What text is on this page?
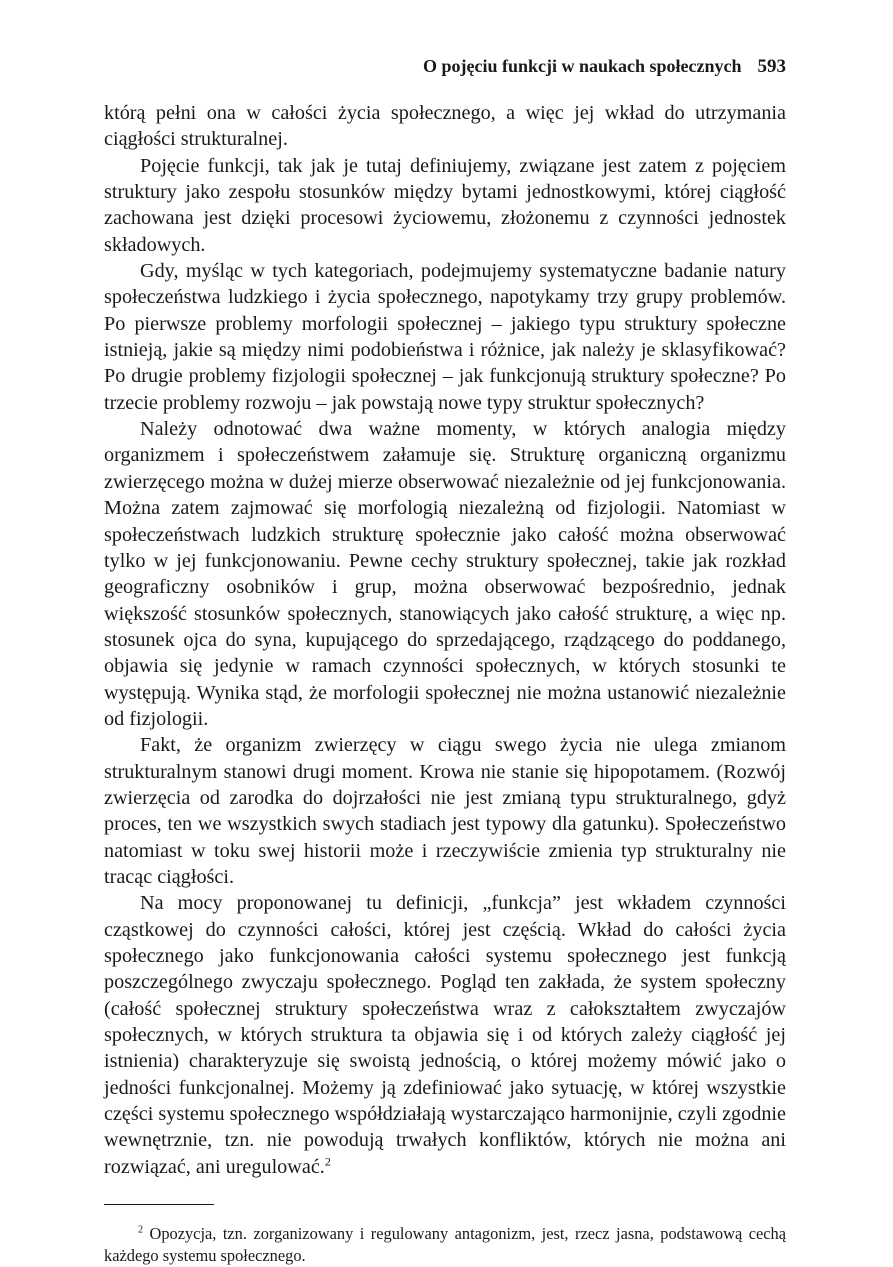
O pojęciu funkcji w naukach społecznych 593

którą pełni ona w całości życia społecznego, a więc jej wkład do utrzymania ciągłości strukturalnej.

Pojęcie funkcji, tak jak je tutaj definiujemy, związane jest zatem z pojęciem struktury jako zespołu stosunków między bytami jednostkowymi, której ciągłość zachowana jest dzięki procesowi życiowemu, złożonemu z czynności jednostek składowych.

Gdy, myśląc w tych kategoriach, podejmujemy systematyczne badanie natury społeczeństwa ludzkiego i życia społecznego, napotykamy trzy grupy problemów. Po pierwsze problemy morfologii społecznej – jakiego typu struktury społeczne istnieją, jakie są między nimi podobieństwa i różnice, jak należy je sklasyfikować? Po drugie problemy fizjologii społecznej – jak funkcjonują struktury społeczne? Po trzecie problemy rozwoju – jak powstają nowe typy struktur społecznych?

Należy odnotować dwa ważne momenty, w których analogia między organizmem i społeczeństwem załamuje się. Strukturę organiczną organizmu zwierzęcego można w dużej mierze obserwować niezależnie od jej funkcjonowania. Można zatem zajmować się morfologią niezależną od fizjologii. Natomiast w społeczeństwach ludzkich strukturę społecznie jako całość można obserwować tylko w jej funkcjonowaniu. Pewne cechy struktury społecznej, takie jak rozkład geograficzny osobników i grup, można obserwować bezpośrednio, jednak większość stosunków społecznych, stanowiących jako całość strukturę, a więc np. stosunek ojca do syna, kupującego do sprzedającego, rządzącego do poddanego, objawia się jedynie w ramach czynności społecznych, w których stosunki te występują. Wynika stąd, że morfologii społecznej nie można ustanowić niezależnie od fizjologii.

Fakt, że organizm zwierzęcy w ciągu swego życia nie ulega zmianom strukturalnym stanowi drugi moment. Krowa nie stanie się hipopotamem. (Rozwój zwierzęcia od zarodka do dojrzałości nie jest zmianą typu strukturalnego, gdyż proces, ten we wszystkich swych stadiach jest typowy dla gatunku). Społeczeństwo natomiast w toku swej historii może i rzeczywiście zmienia typ strukturalny nie tracąc ciągłości.

Na mocy proponowanej tu definicji, „funkcja” jest wkładem czynności cząstkowej do czynności całości, której jest częścią. Wkład do całości życia społecznego jako funkcjonowania całości systemu społecznego jest funkcją poszczególnego zwyczaju społecznego. Pogląd ten zakłada, że system społeczny (całość społecznej struktury społeczeństwa wraz z całokształtem zwyczajów społecznych, w których struktura ta objawia się i od których zależy ciągłość jej istnienia) charakteryzuje się swoistą jednością, o której możemy mówić jako o jedności funkcjonalnej. Możemy ją zdefiniować jako sytuację, w której wszystkie części systemu społecznego współdziałają wystarczająco harmonijnie, czyli zgodnie wewnętrznie, tzn. nie powodują trwałych konfliktów, których nie można ani rozwiązać, ani uregulować.$^2$

$^2$ Opozycja, tzn. zorganizowany i regulowany antagonizm, jest, rzecz jasna, podstawową cechą każdego systemu społecznego.
